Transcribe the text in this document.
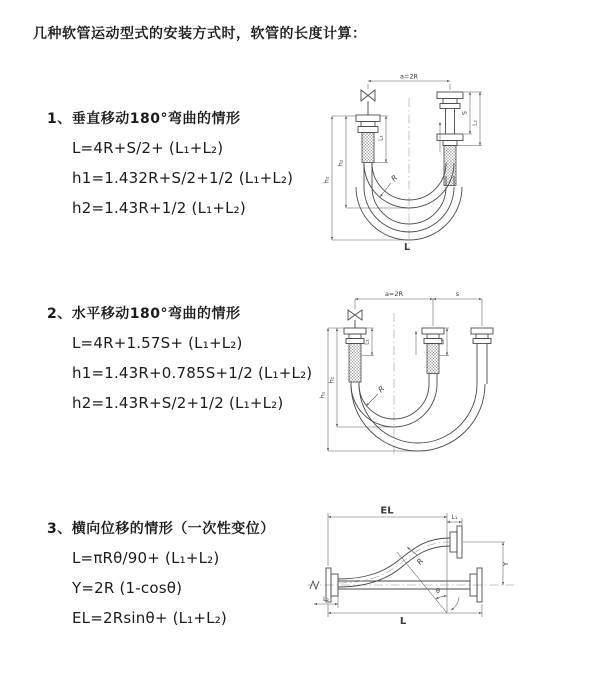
几种软管运动型式的安装方式时，软管的长度计算：
1、垂直移动180°弯曲的情形
L=4R+S/2+ (L₁+L₂)
h1=1.432R+S/2+1/2 (L₁+L₂)
h2=1.43R+1/2 (L₁+L₂)
2、水平移动180°弯曲的情形
L=4R+1.57S+ (L₁+L₂)
h1=1.43R+0.785S+1/2 (L₁+L₂)
h2=1.43R+S/2+1/2 (L₁+L₂)
3、横向位移的情形（一次性变位）
L=πRθ/90+ (L₁+L₂)
Y=2R (1-cosθ)
EL=2Rsinθ+ (L₁+L₂)
a=2R
h₁
h₂
S
L₂
L₁
R
L
a=2R	s
h₁
h₂
L₁	L₂
R
EL
L₁
Y
L
L₂
R
θ
